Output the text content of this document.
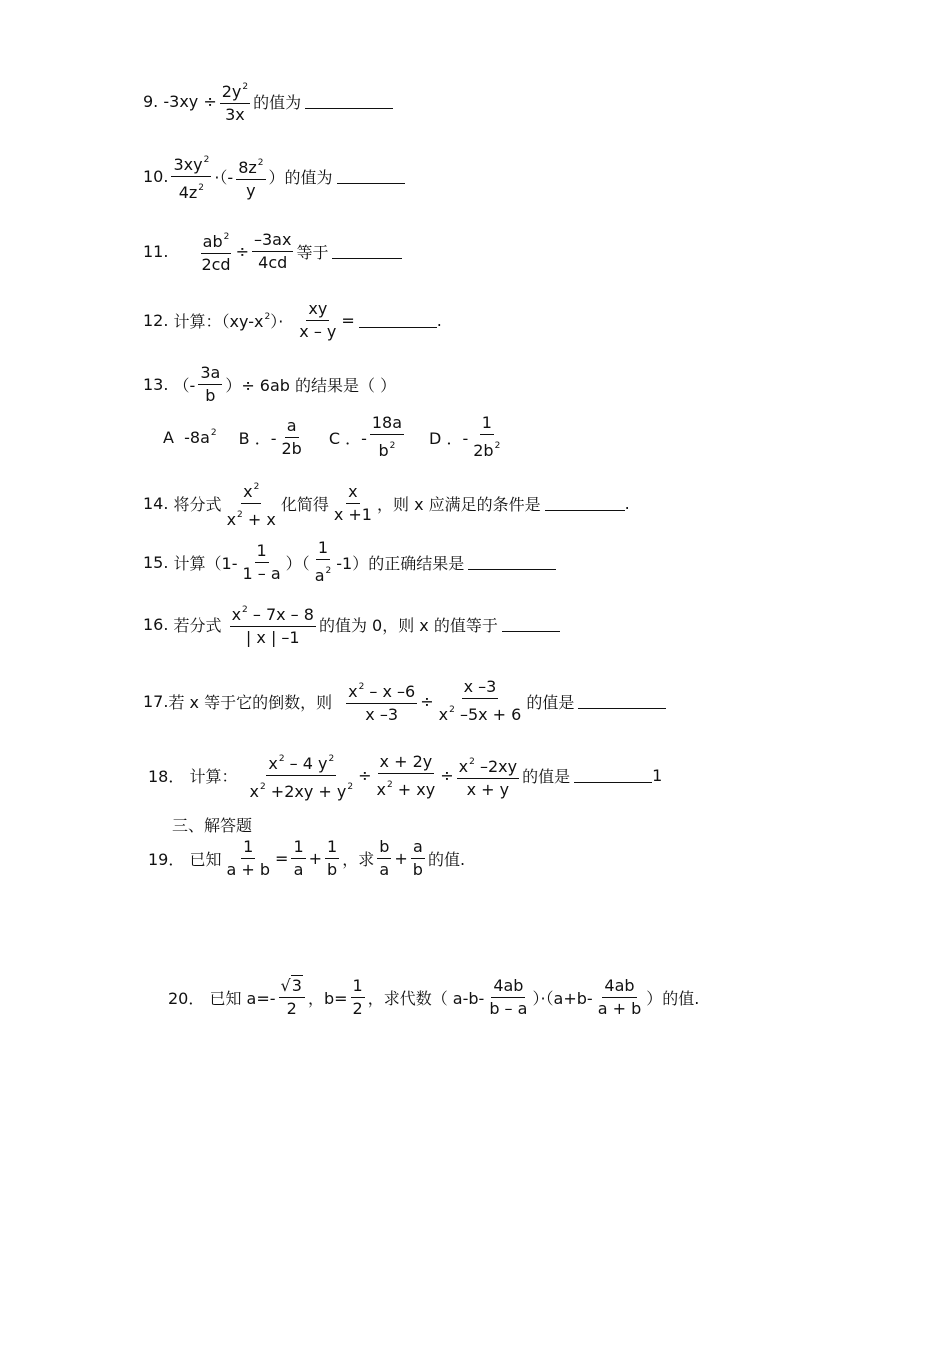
9.
$-3xy \div \frac{2y^2}{3x}$ 的值为
10. $\frac{3xy^2}{4z^2}$ ·（- $\frac{8z^2}{y}$ ）的值为
11. $\frac{ab^2}{2cd} \div \frac{-3ax}{4cd}$ 等于
12.
计算：$(xy-x^2)\cdot \frac{xy}{x - y}$ =	.
13.
（- $\frac{3a}{b}$ ）÷ 6ab 的结果是（ ）
A $-8a^2$ B ．- $\frac{a}{2b}$ C ．- $\frac{18a}{b^2}$ D ．- $\frac{1}{2b^2}$
14.
将分式 $\frac{x^2}{x^2 + x}$ 化简得 $\frac{x}{x +1}$ ，则 x 应满足的条件是	.
15.
计算（$1- \frac{1}{1 - a}$ ）（ $\frac{1}{a^2} -1$）的正确结果是
16.
若分式 $\frac{x^2 - 7x - 8}{| x | -1}$ 的值为 0，则 x 的值等于
17. 若 x 等于它的倒数，则 $\frac{x^2 - x -6}{x -3} \div \frac{x -3}{x^2 -5x + 6}$ 的值是
18．
计算： $\frac{x^2 - 4 y^2}{x^2 +2xy + y^2} \div \frac{x + 2y}{x^2 + xy} \div \frac{x^2 -2xy}{x + y}$ 的值是	1
三、解答题
19．
已知 $\frac{1}{a + b} = \frac{1}{a} + \frac{1}{b}$ ，求 $\frac{b}{a} + \frac{a}{b}$ 的值.
20．
已知 $a=- \frac{√3}{2}$ ，$b= \frac{1}{2}$ ，求代数（ $a-b- \frac{4ab}{b - a} )\cdot(a+b- \frac{4ab}{a + b}$ ）的值.
